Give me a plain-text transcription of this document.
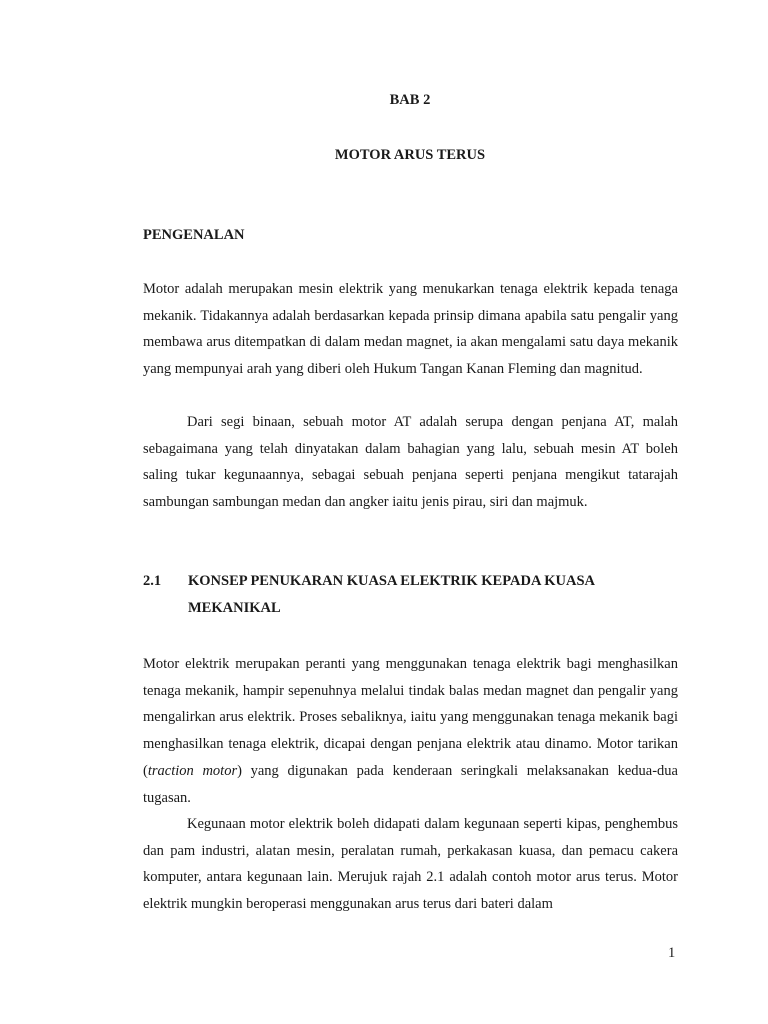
BAB 2
MOTOR ARUS TERUS
PENGENALAN
Motor adalah merupakan mesin elektrik yang menukarkan tenaga elektrik kepada tenaga mekanik. Tidakannya adalah berdasarkan kepada prinsip dimana apabila satu pengalir yang membawa arus ditempatkan di dalam medan magnet, ia akan mengalami satu daya mekanik yang mempunyai arah yang diberi oleh Hukum Tangan Kanan Fleming dan magnitud.
Dari segi binaan, sebuah motor AT adalah serupa dengan penjana AT, malah sebagaimana yang telah dinyatakan dalam bahagian yang lalu, sebuah mesin AT boleh saling tukar kegunaannya, sebagai sebuah penjana seperti penjana mengikut tatarajah sambungan sambungan medan dan angker iaitu jenis pirau, siri dan majmuk.
2.1 KONSEP PENUKARAN KUASA ELEKTRIK KEPADA KUASA
MEKANIKAL
Motor elektrik merupakan peranti yang menggunakan tenaga elektrik bagi menghasilkan tenaga mekanik, hampir sepenuhnya melalui tindak balas medan magnet dan pengalir yang mengalirkan arus elektrik. Proses sebaliknya, iaitu yang menggunakan tenaga mekanik bagi menghasilkan tenaga elektrik, dicapai dengan penjana elektrik atau dinamo. Motor tarikan (traction motor) yang digunakan pada kenderaan seringkali melaksanakan kedua-dua tugasan.
Kegunaan motor elektrik boleh didapati dalam kegunaan seperti kipas, penghembus dan pam industri, alatan mesin, peralatan rumah, perkakasan kuasa, dan pemacu cakera komputer, antara kegunaan lain. Merujuk rajah 2.1 adalah contoh motor arus terus. Motor elektrik mungkin beroperasi menggunakan arus terus dari bateri dalam
1
